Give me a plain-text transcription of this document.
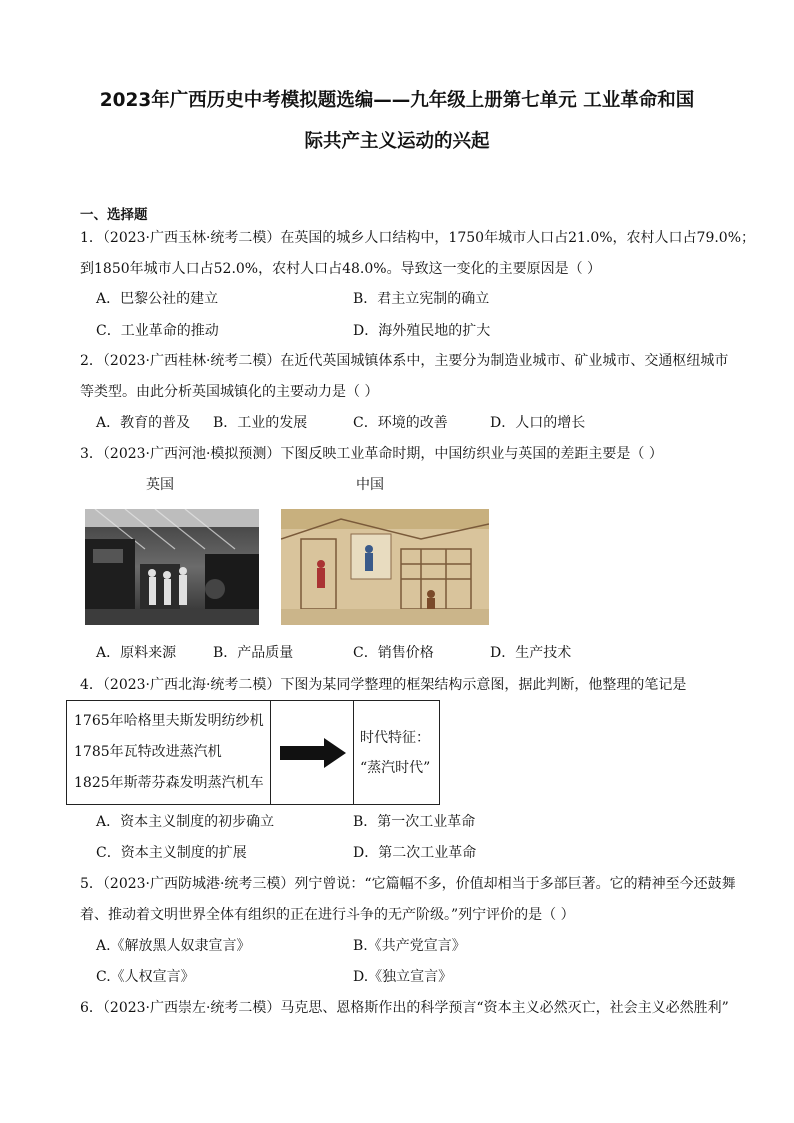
2023年广西历史中考模拟题选编——九年级上册第七单元 工业革命和国
际共产主义运动的兴起
一、选择题
1．（2023·广西玉林·统考二模）在英国的城乡人口结构中，1750年城市人口占21.0%，农村人口占79.0%；
到1850年城市人口占52.0%，农村人口占48.0%。导致这一变化的主要原因是（ ）
A．巴黎公社的建立	B．君主立宪制的确立
C．工业革命的推动	D．海外殖民地的扩大
2．（2023·广西桂林·统考二模）在近代英国城镇体系中，主要分为制造业城市、矿业城市、交通枢纽城市
等类型。由此分析英国城镇化的主要动力是（ ）
A．教育的普及 B．工业的发展	C．环境的改善	D．人口的增长
3．（2023·广西河池·模拟预测）下图反映工业革命时期，中国纺织业与英国的差距主要是（ ）
英国	中国
A．原料来源	B．产品质量	C．销售价格	D．生产技术
4．（2023·广西北海·统考二模）下图为某同学整理的框架结构示意图，据此判断，他整理的笔记是
1765年哈格里夫斯发明纺纱机
1785年瓦特改进蒸汽机
1825年斯蒂芬森发明蒸汽机车
时代特征：
“蒸汽时代”
A．资本主义制度的初步确立	B．第一次工业革命
C．资本主义制度的扩展	D．第二次工业革命
5．（2023·广西防城港·统考三模）列宁曾说：“它篇幅不多，价值却相当于多部巨著。它的精神至今还鼓舞
着、推动着文明世界全体有组织的正在进行斗争的无产阶级。”列宁评价的是（ ）
A.《解放黑人奴隶宣言》	B.《共产党宣言》
C.《人权宣言》	D.《独立宣言》
6．（2023·广西崇左·统考二模）马克思、恩格斯作出的科学预言“资本主义必然灭亡，社会主义必然胜利”
